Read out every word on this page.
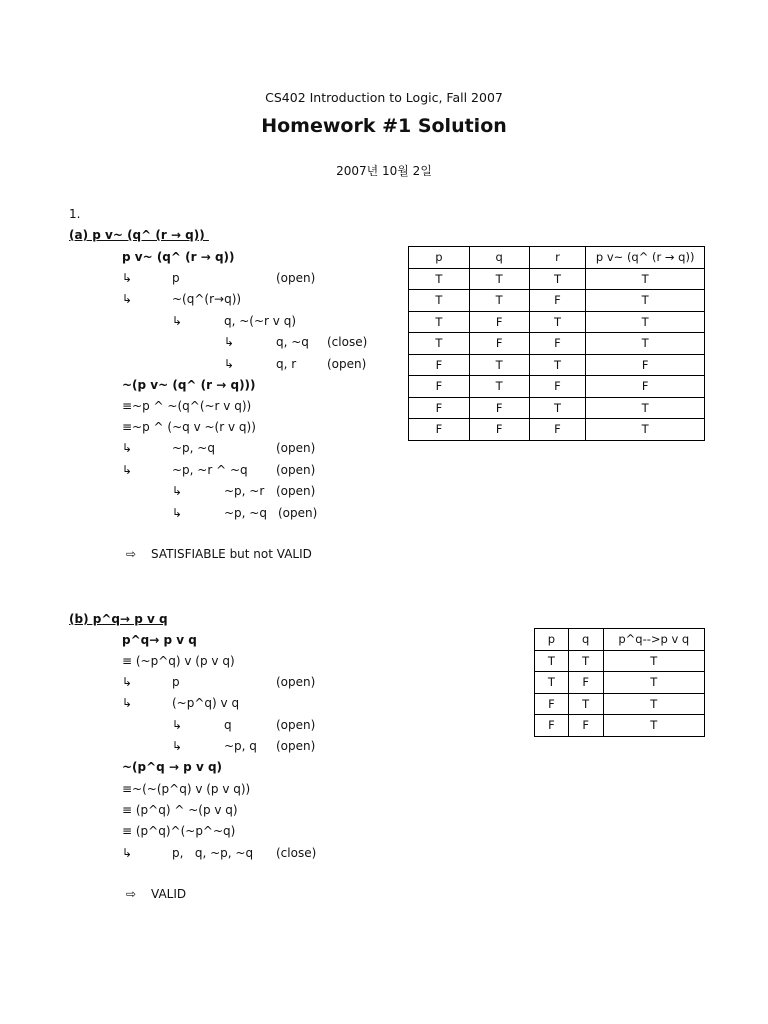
CS402 Introduction to Logic, Fall 2007
Homework #1 Solution
2007년 10월 2일
1.
(a) p v~ (q^ (r → q))
p v~ (q^ (r → q))
↳	p	(open)
↳	~(q^(r→q))
↳	q, ~(~r v q)
↳	q, ~q (close)
↳	q, r	(open)
~(p v~ (q^ (r → q)))
≡~p ^ ~(q^(~r v q))
≡~p ^ (~q v ~(r v q))
↳	~p, ~q	(open)
↳	~p, ~r ^ ~q (open)
↳	~p, ~r (open)
↳	~p, ~q (open)
⇨ SATISFIABLE but not VALID
p	q	r	p v~ (q^ (r → q))
T	T	T	T
T	T	F	T
T	F	T	T
T	F	F	T
F	T	T	F
F	T	F	F
F	F	T	T
F	F	F	T
(b) p^q→ p v q
p^q→ p v q
≡ (~p^q) v (p v q)
↳	p	(open)
↳	(~p^q) v q
↳	q	(open)
↳	~p, q (open)
~(p^q → p v q)
≡~(~(p^q) v (p v q))
≡ (p^q) ^ ~(p v q)
≡ (p^q)^(~p^~q)
↳	p,   q, ~p, ~q (close)
⇨ VALID
p	q	p^q-->p v q
T	T	T
T	F	T
F	T	T
F	F	T
